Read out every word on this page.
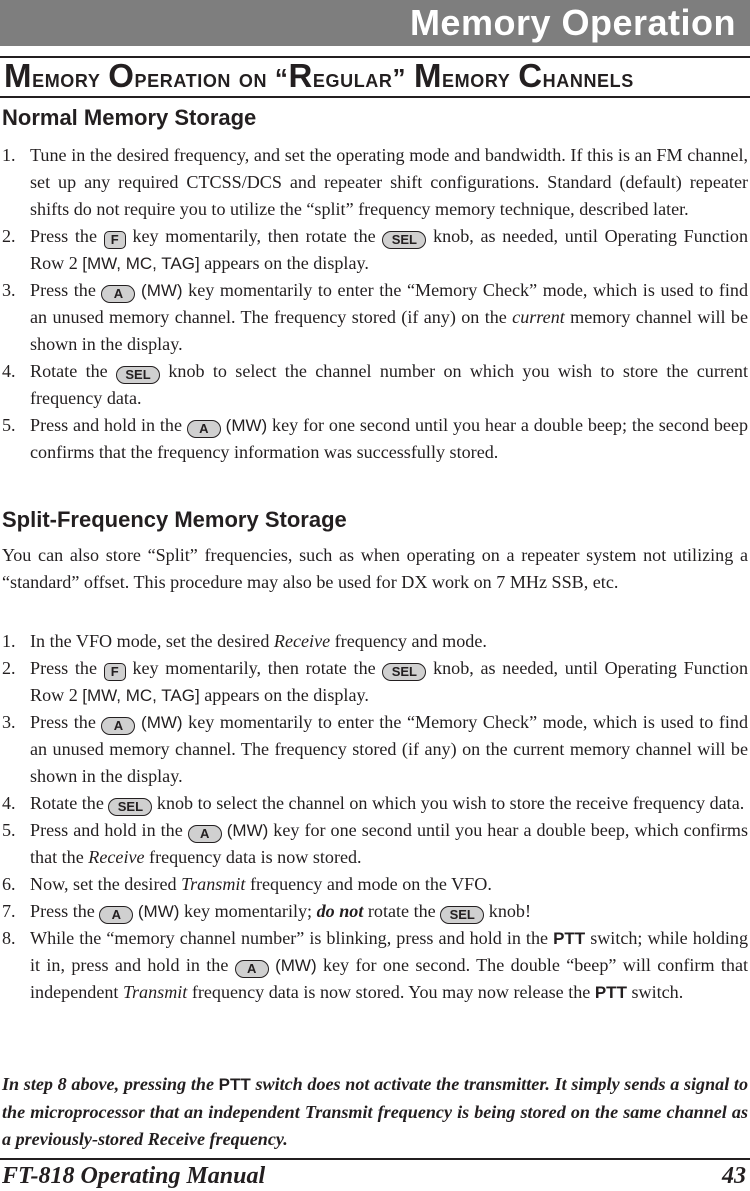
Memory Operation
Memory Operation on “Regular” Memory Channels
Normal Memory Storage
1. Tune in the desired frequency, and set the operating mode and bandwidth. If this is an FM channel, set up any required CTCSS/DCS and repeater shift configurations. Standard (default) repeater shifts do not require you to utilize the “split” frequency memory technique, described later.
2. Press the F key momentarily, then rotate the SEL knob, as needed, until Operating Function Row 2 [MW, MC, TAG] appears on the display.
3. Press the A (MW) key momentarily to enter the “Memory Check” mode, which is used to find an unused memory channel. The frequency stored (if any) on the current memory channel will be shown in the display.
4. Rotate the SEL knob to select the channel number on which you wish to store the current frequency data.
5. Press and hold in the A (MW) key for one second until you hear a double beep; the second beep confirms that the frequency information was successfully stored.
Split-Frequency Memory Storage
You can also store “Split” frequencies, such as when operating on a repeater system not utilizing a “standard” offset. This procedure may also be used for DX work on 7 MHz SSB, etc.
1. In the VFO mode, set the desired Receive frequency and mode.
2. Press the F key momentarily, then rotate the SEL knob, as needed, until Operating Function Row 2 [MW, MC, TAG] appears on the display.
3. Press the A (MW) key momentarily to enter the “Memory Check” mode, which is used to find an unused memory channel. The frequency stored (if any) on the current memory channel will be shown in the display.
4. Rotate the SEL knob to select the channel on which you wish to store the receive frequency data.
5. Press and hold in the A (MW) key for one second until you hear a double beep, which confirms that the Receive frequency data is now stored.
6. Now, set the desired Transmit frequency and mode on the VFO.
7. Press the A (MW) key momentarily; do not rotate the SEL knob!
8. While the “memory channel number” is blinking, press and hold in the PTT switch; while holding it in, press and hold in the A (MW) key for one second. The double “beep” will confirm that independent Transmit frequency data is now stored. You may now release the PTT switch.
In step 8 above, pressing the PTT switch does not activate the transmitter. It simply sends a signal to the microprocessor that an independent Transmit frequency is being stored on the same channel as a previously-stored Receive frequency.
FT-818 Operating Manual	43
